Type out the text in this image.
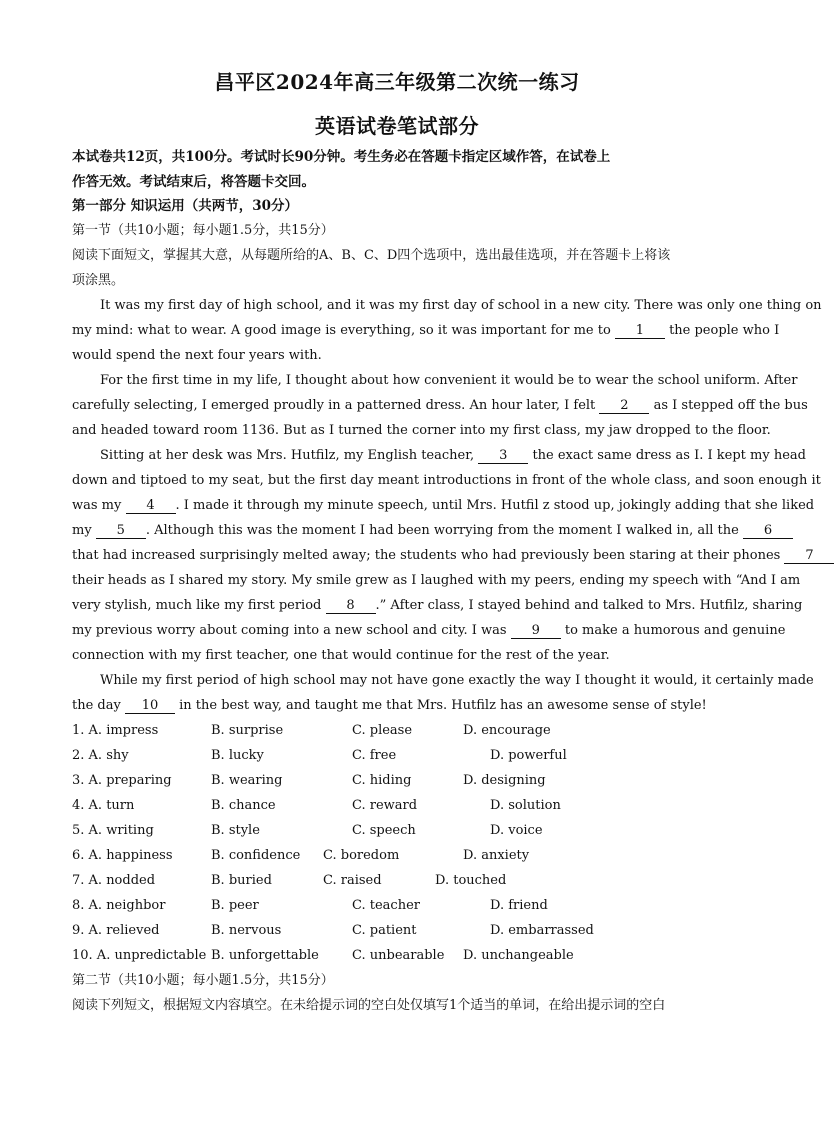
昌平区2024年高三年级第二次统一练习
英语试卷笔试部分
本试卷共12页，共100分。考试时长90分钟。考生务必在答题卡指定区域作答，在试卷上
作答无效。考试结束后，将答题卡交回。
第一部分 知识运用（共两节，30分）
第一节（共10小题；每小题1.5分，共15分）
阅读下面短文，掌握其大意，从每题所给的A、B、C、D四个选项中，选出最佳选项，并在答题卡上将该
项涂黑。
It was my first day of high school, and it was my first day of school in a new city. There was only one thing on
my mind: what to wear. A good image is everything, so it was important for me to 1 the people who I
would spend the next four years with.
For the first time in my life, I thought about how convenient it would be to wear the school uniform. After
carefully selecting, I emerged proudly in a patterned dress. An hour later, I felt 2 as I stepped off the bus
and headed toward room 1136. But as I turned the corner into my first class, my jaw dropped to the floor.
Sitting at her desk was Mrs. Hutfilz, my English teacher, 3 the exact same dress as I. I kept my head
down and tiptoed to my seat, but the first day meant introductions in front of the whole class, and soon enough it
was my 4 . I made it through my minute speech, until Mrs. Hutfil z stood up, jokingly adding that she liked
my 5 . Although this was the moment I had been worrying from the moment I walked in, all the 6
that had increased surprisingly melted away; the students who had previously been staring at their phones 7
their heads as I shared my story. My smile grew as I laughed with my peers, ending my speech with “And I am
very stylish, much like my first period 8 .” After class, I stayed behind and talked to Mrs. Hutfilz, sharing
my previous worry about coming into a new school and city. I was 9 to make a humorous and genuine
connection with my first teacher, one that would continue for the rest of the year.
While my first period of high school may not have gone exactly the way I thought it would, it certainly made
the day 10 in the best way, and taught me that Mrs. Hutfilz has an awesome sense of style!
1. A. impress	B. surprise	C. please	D. encourage
2. A. shy	B. lucky	C. free	D. powerful
3. A. preparing	B. wearing	C. hiding	D. designing
4. A. turn	B. chance	C. reward	D. solution
5. A. writing	B. style	C. speech	D. voice
6. A. happiness	B. confidence C. boredom	D. anxiety
7. A. nodded	B. buried	C. raised	D. touched
8. A. neighbor	B. peer	C. teacher	D. friend
9. A. relieved	B. nervous	C. patient	D. embarrassed
10. A. unpredictable B. unforgettable	C. unbearable D. unchangeable
第二节（共10小题；每小题1.5分，共15分）
阅读下列短文，根据短文内容填空。在未给提示词的空白处仅填写1个适当的单词，在给出提示词的空白
